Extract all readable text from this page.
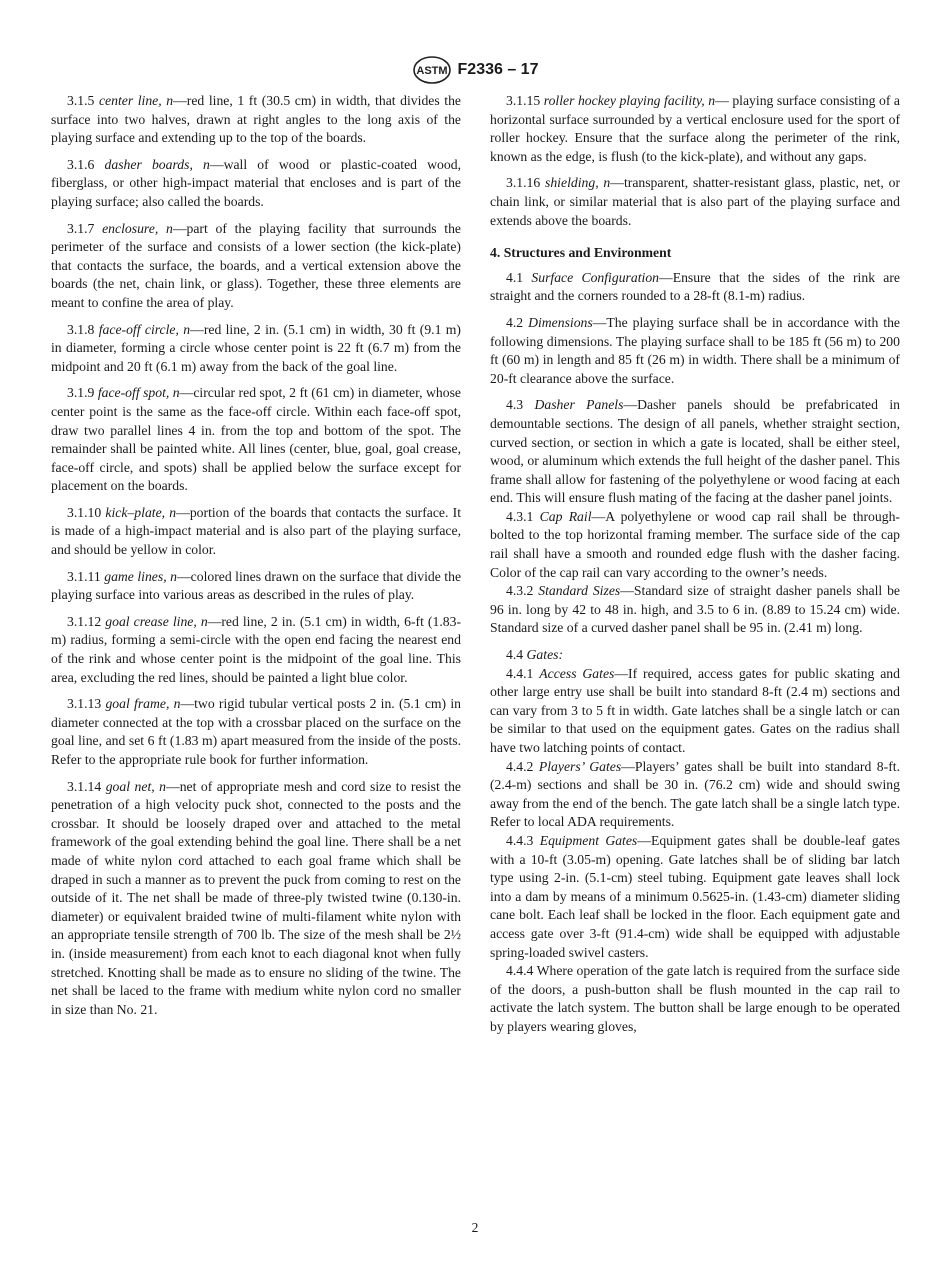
ASTM F2336 – 17

3.1.5 center line, n—red line, 1 ft (30.5 cm) in width, that divides the surface into two halves, drawn at right angles to the long axis of the playing surface and extending up to the top of the boards.

3.1.6 dasher boards, n—wall of wood or plastic-coated wood, fiberglass, or other high-impact material that encloses and is part of the playing surface; also called the boards.

3.1.7 enclosure, n—part of the playing facility that surrounds the perimeter of the surface and consists of a lower section (the kick-plate) that contacts the surface, the boards, and a vertical extension above the boards (the net, chain link, or glass). Together, these three elements are meant to confine the area of play.

3.1.8 face-off circle, n—red line, 2 in. (5.1 cm) in width, 30 ft (9.1 m) in diameter, forming a circle whose center point is 22 ft (6.7 m) from the midpoint and 20 ft (6.1 m) away from the back of the goal line.

3.1.9 face-off spot, n—circular red spot, 2 ft (61 cm) in diameter, whose center point is the same as the face-off circle. Within each face-off spot, draw two parallel lines 4 in. from the top and bottom of the spot. The remainder shall be painted white. All lines (center, blue, goal, goal crease, face-off circle, and spots) shall be applied below the surface except for placement on the boards.

3.1.10 kick–plate, n—portion of the boards that contacts the surface. It is made of a high-impact material and is also part of the playing surface, and should be yellow in color.

3.1.11 game lines, n—colored lines drawn on the surface that divide the playing surface into various areas as described in the rules of play.

3.1.12 goal crease line, n—red line, 2 in. (5.1 cm) in width, 6-ft (1.83-m) radius, forming a semi-circle with the open end facing the nearest end of the rink and whose center point is the midpoint of the goal line. This area, excluding the red lines, should be painted a light blue color.

3.1.13 goal frame, n—two rigid tubular vertical posts 2 in. (5.1 cm) in diameter connected at the top with a crossbar placed on the surface on the goal line, and set 6 ft (1.83 m) apart measured from the inside of the posts. Refer to the appropriate rule book for further information.

3.1.14 goal net, n—net of appropriate mesh and cord size to resist the penetration of a high velocity puck shot, connected to the posts and the crossbar. It should be loosely draped over and attached to the metal framework of the goal extending behind the goal line. There shall be a net made of white nylon cord attached to each goal frame which shall be draped in such a manner as to prevent the puck from coming to rest on the outside of it. The net shall be made of three-ply twisted twine (0.130-in. diameter) or equivalent braided twine of multi-filament white nylon with an appropriate tensile strength of 700 lb. The size of the mesh shall be 2½ in. (inside measurement) from each knot to each diagonal knot when fully stretched. Knotting shall be made as to ensure no sliding of the twine. The net shall be laced to the frame with medium white nylon cord no smaller in size than No. 21.

3.1.15 roller hockey playing facility, n— playing surface consisting of a horizontal surface surrounded by a vertical enclosure used for the sport of roller hockey. Ensure that the surface along the perimeter of the rink, known as the edge, is flush (to the kick-plate), and without any gaps.

3.1.16 shielding, n—transparent, shatter-resistant glass, plastic, net, or chain link, or similar material that is also part of the playing surface and extends above the boards.

4. Structures and Environment

4.1 Surface Configuration—Ensure that the sides of the rink are straight and the corners rounded to a 28-ft (8.1-m) radius.

4.2 Dimensions—The playing surface shall be in accordance with the following dimensions. The playing surface shall to be 185 ft (56 m) to 200 ft (60 m) in length and 85 ft (26 m) in width. There shall be a minimum of 20-ft clearance above the surface.

4.3 Dasher Panels—Dasher panels should be prefabricated in demountable sections. The design of all panels, whether straight section, curved section, or section in which a gate is located, shall be either steel, wood, or aluminum which extends the full height of the dasher panel. This frame shall allow for fastening of the polyethylene or wood facing at each end. This will ensure flush mating of the facing at the dasher panel joints.

4.3.1 Cap Rail—A polyethylene or wood cap rail shall be through-bolted to the top horizontal framing member. The surface side of the cap rail shall have a smooth and rounded edge flush with the dasher facing. Color of the cap rail can vary according to the owner’s needs.

4.3.2 Standard Sizes—Standard size of straight dasher panels shall be 96 in. long by 42 to 48 in. high, and 3.5 to 6 in. (8.89 to 15.24 cm) wide. Standard size of a curved dasher panel shall be 95 in. (2.41 m) long.

4.4 Gates:

4.4.1 Access Gates—If required, access gates for public skating and other large entry use shall be built into standard 8-ft (2.4 m) sections and can vary from 3 to 5 ft in width. Gate latches shall be a single latch or can be similar to that used on the equipment gates. Gates on the radius shall have two latching points of contact.

4.4.2 Players’ Gates—Players’ gates shall be built into standard 8-ft. (2.4-m) sections and shall be 30 in. (76.2 cm) wide and should swing away from the end of the bench. The gate latch shall be a single latch type. Refer to local ADA requirements.

4.4.3 Equipment Gates—Equipment gates shall be double-leaf gates with a 10-ft (3.05-m) opening. Gate latches shall be of sliding bar latch type using 2-in. (5.1-cm) steel tubing. Equipment gate leaves shall lock into a dam by means of a minimum 0.5625-in. (1.43-cm) diameter sliding cane bolt. Each leaf shall be locked in the floor. Each equipment gate and access gate over 3-ft (91.4-cm) wide shall be equipped with adjustable spring-loaded swivel casters.

4.4.4 Where operation of the gate latch is required from the surface side of the doors, a push-button shall be flush mounted in the cap rail to activate the latch system. The button shall be large enough to be operated by players wearing gloves,

2
